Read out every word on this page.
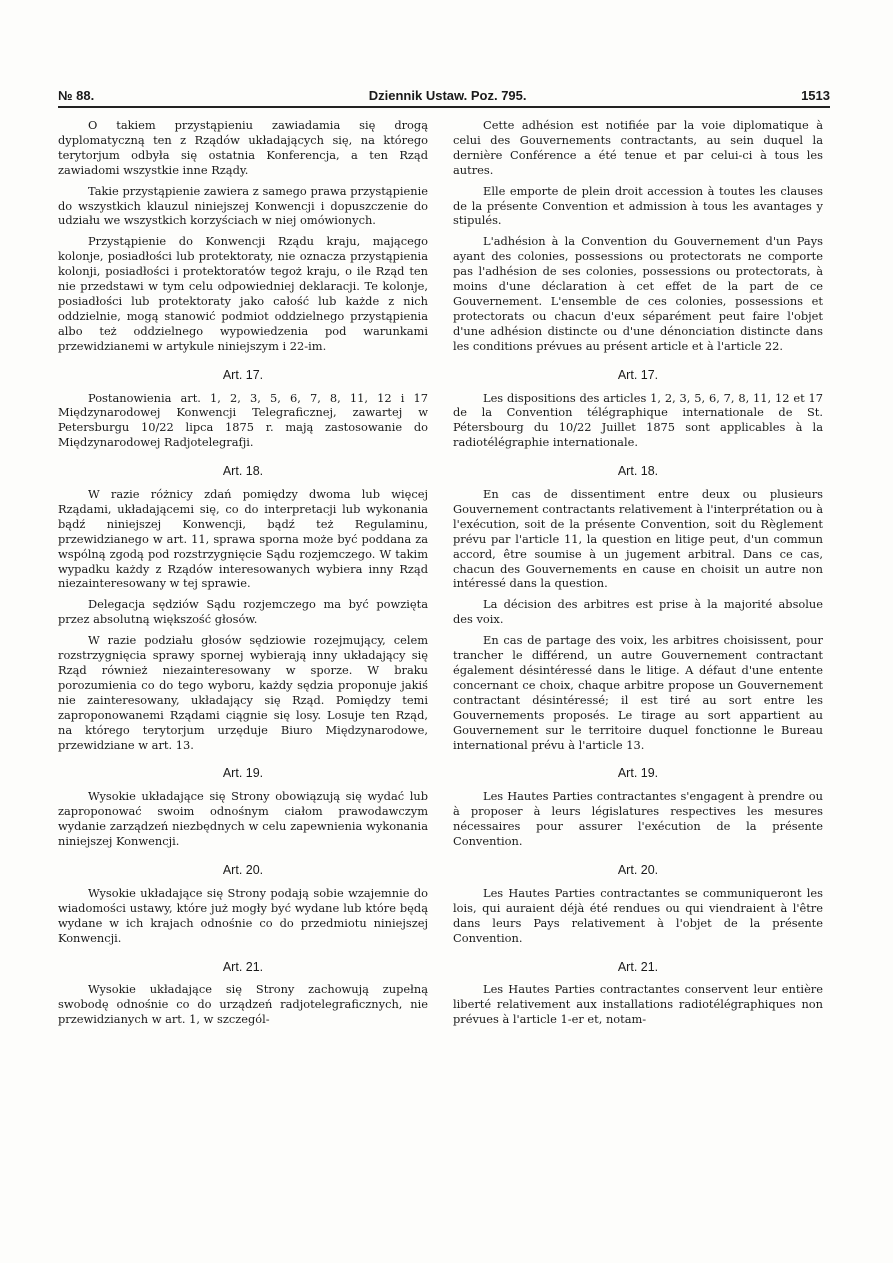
№ 88.	Dziennik Ustaw. Poz. 795.	1513

O takiem przystąpieniu zawiadamia się drogą dyplomatyczną ten z Rządów układających się, na którego terytorjum odbyła się ostatnia Konferencja, a ten Rząd zawiadomi wszystkie inne Rządy.

Takie przystąpienie zawiera z samego prawa przystąpienie do wszystkich klauzul niniejszej Konwencji i dopuszczenie do udziału we wszystkich korzyściach w niej omówionych.

Przystąpienie do Konwencji Rządu kraju, mającego kolonje, posiadłości lub protektoraty, nie oznacza przystąpienia kolonji, posiadłości i protektoratów tegoż kraju, o ile Rząd ten nie przedstawi w tym celu odpowiedniej deklaracji. Te kolonje, posiadłości lub protektoraty jako całość lub każde z nich oddzielnie, mogą stanowić podmiot oddzielnego przystąpienia albo też oddzielnego wypowiedzenia pod warunkami przewidzianemi w artykule niniejszym i 22-im.

Art. 17.

Postanowienia art. 1, 2, 3, 5, 6, 7, 8, 11, 12 i 17 Międzynarodowej Konwencji Telegraficznej, zawartej w Petersburgu 10/22 lipca 1875 r. mają zastosowanie do Międzynarodowej Radjotelegrafji.

Art. 18.

W razie różnicy zdań pomiędzy dwoma lub więcej Rządami, układającemi się, co do interpretacji lub wykonania bądź niniejszej Konwencji, bądź też Regulaminu, przewidzianego w art. 11, sprawa sporna może być poddana za wspólną zgodą pod rozstrzygnięcie Sądu rozjemczego. W takim wypadku każdy z Rządów interesowanych wybiera inny Rząd niezainteresowany w tej sprawie.

Delegacja sędziów Sądu rozjemczego ma być powzięta przez absolutną większość głosów.

W razie podziału głosów sędziowie rozejmujący, celem rozstrzygnięcia sprawy spornej wybierają inny układający się Rząd również niezainteresowany w sporze. W braku porozumienia co do tego wyboru, każdy sędzia proponuje jakiś nie zainteresowany, układający się Rząd. Pomiędzy temi zaproponowanemi Rządami ciągnie się losy. Losuje ten Rząd, na którego terytorjum urzęduje Biuro Międzynarodowe, przewidziane w art. 13.

Art. 19.

Wysokie układające się Strony obowiązują się wydać lub zaproponować swoim odnośnym ciałom prawodawczym wydanie zarządzeń niezbędnych w celu zapewnienia wykonania niniejszej Konwencji.

Art. 20.

Wysokie układające się Strony podają sobie wzajemnie do wiadomości ustawy, które już mogły być wydane lub które będą wydane w ich krajach odnośnie co do przedmiotu niniejszej Konwencji.

Art. 21.

Wysokie układające się Strony zachowują zupełną swobodę odnośnie co do urządzeń radjotelegraficznych, nie przewidzianych w art. 1, w szczegól-

Cette adhésion est notifiée par la voie diplomatique à celui des Gouvernements contractants, au sein duquel la dernière Conférence a été tenue et par celui-ci à tous les autres.

Elle emporte de plein droit accession à toutes les clauses de la présente Convention et admission à tous les avantages y stipulés.

L'adhésion à la Convention du Gouvernement d'un Pays ayant des colonies, possessions ou protectorats ne comporte pas l'adhésion de ses colonies, possessions ou protectorats, à moins d'une déclaration à cet effet de la part de ce Gouvernement. L'ensemble de ces colonies, possessions et protectorats ou chacun d'eux séparément peut faire l'objet d'une adhésion distincte ou d'une dénonciation distincte dans les conditions prévues au présent article et à l'article 22.

Art. 17.

Les dispositions des articles 1, 2, 3, 5, 6, 7, 8, 11, 12 et 17 de la Convention télégraphique internationale de St. Pétersbourg du 10/22 Juillet 1875 sont applicables à la radiotélégraphie internationale.

Art. 18.

En cas de dissentiment entre deux ou plusieurs Gouvernement contractants relativement à l'interprétation ou à l'exécution, soit de la présente Convention, soit du Règlement prévu par l'article 11, la question en litige peut, d'un commun accord, être soumise à un jugement arbitral. Dans ce cas, chacun des Gouvernements en cause en choisit un autre non intéressé dans la question.

La décision des arbitres est prise à la majorité absolue des voix.

En cas de partage des voix, les arbitres choisissent, pour trancher le différend, un autre Gouvernement contractant également désintéressé dans le litige. A défaut d'une entente concernant ce choix, chaque arbitre propose un Gouvernement contractant désintéressé; il est tiré au sort entre les Gouvernements proposés. Le tirage au sort appartient au Gouvernement sur le territoire duquel fonctionne le Bureau international prévu à l'article 13.

Art. 19.

Les Hautes Parties contractantes s'engagent à prendre ou à proposer à leurs législatures respectives les mesures nécessaires pour assurer l'exécution de la présente Convention.

Art. 20.

Les Hautes Parties contractantes se communiqueront les lois, qui auraient déjà été rendues ou qui viendraient à l'être dans leurs Pays relativement à l'objet de la présente Convention.

Art. 21.

Les Hautes Parties contractantes conservent leur entière liberté relativement aux installations radiotélégraphiques non prévues à l'article 1-er et, notam-
